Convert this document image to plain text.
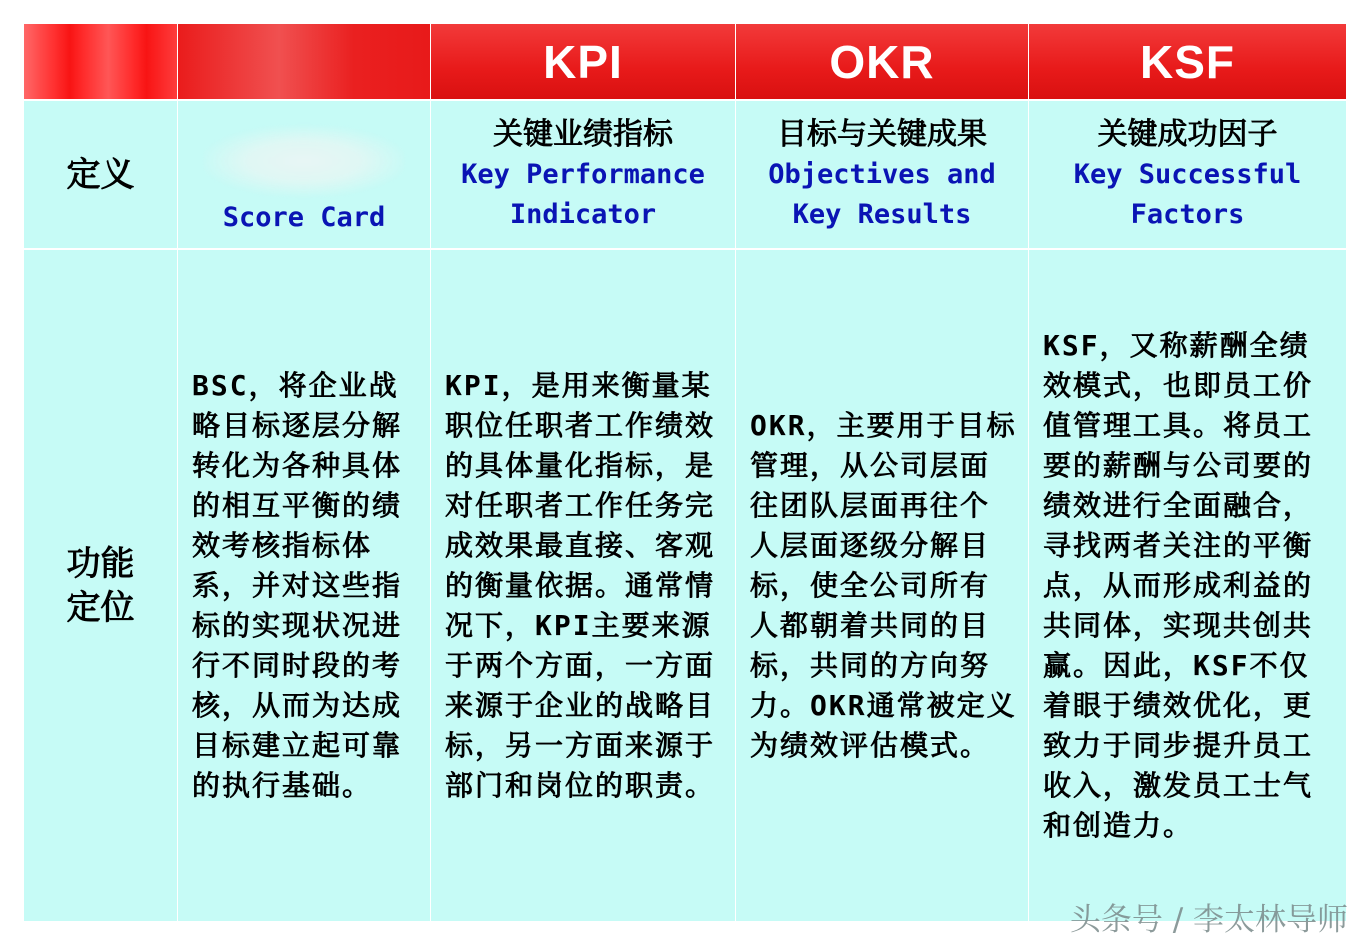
KPI	OKR	KSF
定义
Score Card
关键业绩指标
Key Performance
Indicator
目标与关键成果
Objectives and
Key Results
关键成功因子
Key Successful
Factors
功能
定位
BSC，将企业战略目标逐层分解转化为各种具体的相互平衡的绩效考核指标体系，并对这些指标的实现状况进行不同时段的考核，从而为达成目标建立起可靠的执行基础。
KPI，是用来衡量某职位任职者工作绩效的具体量化指标，是对任职者工作任务完成效果最直接、客观的衡量依据。通常情况下，KPI主要来源于两个方面，一方面来源于企业的战略目标，另一方面来源于部门和岗位的职责。
OKR，主要用于目标管理，从公司层面往团队层面再往个人层面逐级分解目标，使全公司所有人都朝着共同的目标，共同的方向努力。OKR通常被定义为绩效评估模式。
KSF，又称薪酬全绩效模式，也即员工价值管理工具。将员工要的薪酬与公司要的绩效进行全面融合，寻找两者关注的平衡点，从而形成利益的共同体，实现共创共赢。因此，KSF不仅着眼于绩效优化，更致力于同步提升员工收入，激发员工士气和创造力。
头条号 / 李太林导师
